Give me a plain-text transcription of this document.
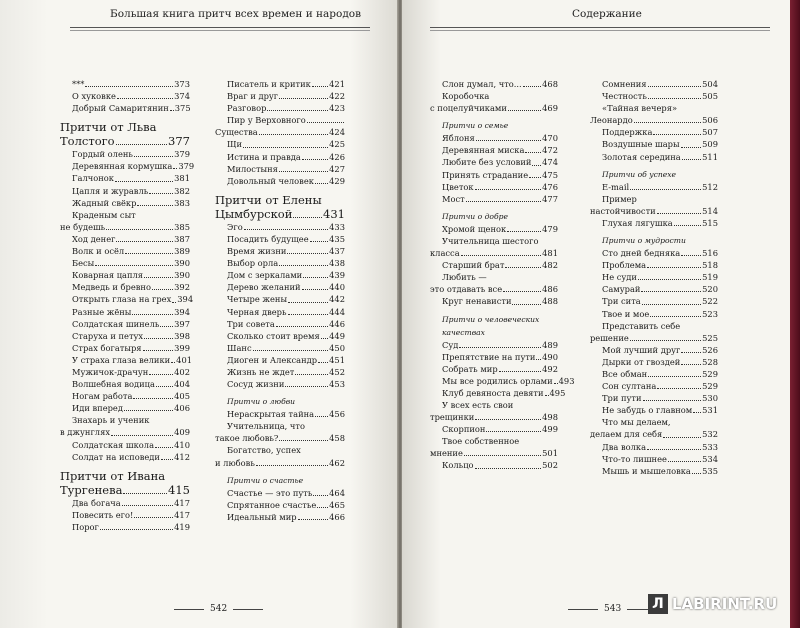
Большая книга притч всех времен и народов
***	373
О хуковке	374
Добрый Самаритянин 375
Притчи от Льва
Толстого	377
Гордый олень	379
Деревянная кормушка 379
Галчонок	381
Цапля и журавль	382
Жадный свёкр	383
Крадeным сыт
не будешь	385
Ход денег	387
Волк и осёл	389
Бесы	390
Коварная цапля	390
Медведь и бревно	392
Открыть глаза на грех 394
Разные жёны	394
Солдатская шинель 397
Старуха и петух	398
Страх богатыря	399
У страха глаза велики 401
Мужичок-драчун	402
Волшебная водица 404
Ногам работа	405
Иди вперед	406
Знахарь и ученик
в джунглях	409
Солдатская школа 410
Солдат на исповеди 412
Притчи от Ивана
Тургенева	415
Два богача	417
Повесить его!	417
Порог	419
Писатель и критик 421
Враг и друг	422
Разговор	423
Пир у Верховного
Существа	424
Щи	425
Истина и правда	426
Милостыня	427
Довольный человек 429
Притчи от Елены
Цымбурской	431
Эго	433
Посадить будущее 435
Время жизни	437
Выбор орла	438
Дом с зеркалами	439
Дерево желаний	440
Четыре жены	442
Черная дверь	444
Три совета	446
Сколько стоит время 449
Шанс	450
Диоген и Александр 451
Жизнь не ждет	452
Сосуд жизни	453
Притчи о любви
Нераскрытая тайна 456
Учительница, что
такое любовь?	458
Богатство, успех
и любовь	462
Притчи о счастье
Счастье — это путь 464
Спрятанное счастье 465
Идеальный мир	466
542
Содержание
Слон думал, что... 468
Коробочка
с поцелуйчиками	469
Притчи о семье
Яблоня	470
Деревянная миска 472
Любите без условий 474
Принять страдание 475
Цветок	476
Мост	477
Притчи о добре
Хромой щенок	479
Учительница шестого
класса	481
Старший брат	482
Любить —
это отдавать все	486
Круг ненависти	488
Притчи о человеческих
качествах
Суд	489
Препятствие на пути 490
Собрать мир	492
Мы все родились орлами 493
Клуб девяноста девяти 495
У всех есть свои
трещинки	498
Скорпион	499
Твое собственное
мнение	501
Кольцо	502
Сомнения	504
Честность	505
«Тайная вечеря»
Леонардо	506
Поддержка	507
Воздушные шары	509
Золотая середина	511
Притчи об успехе
E-mail	512
Пример
настойчивости	514
Глухая лягушка	515
Притчи о мудрости
Сто дней бедняка	516
Проблема	518
Не суди	519
Самурай	520
Три сита	522
Твое и мое	523
Представить себе
решение	525
Мой лучший друг	526
Дырки от гвоздей	528
Все обман	529
Сон султана	529
Три пути	530
Не забудь о главном 531
Что мы делаем,
делаем для себя	532
Два волка	533
Что-то лишнее	534
Мышь и мышеловка 535
543 Л LABIRINT.RU
